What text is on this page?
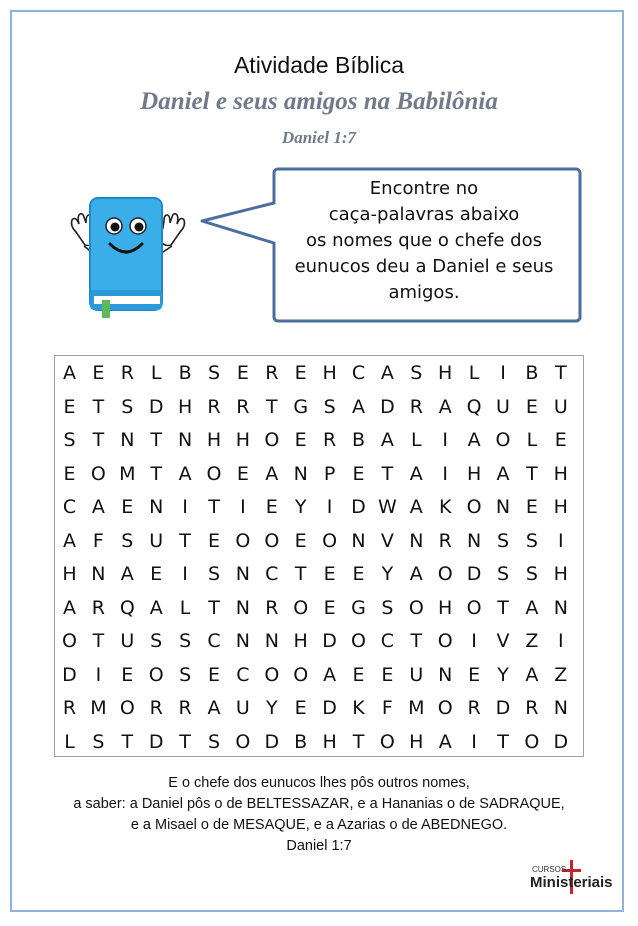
Atividade Bíblica
Daniel e seus amigos na Babilônia
Daniel 1:7
Encontre no
caça-palavras abaixo
os nomes que o chefe dos
eunucos deu a Daniel e seus
amigos.
A E R L B S E R E H C A S H L	I	B T
E T S D H R R T G S A D R A Q U E U
S T N T N H H O E R B A L	I	A O L E
E O M T A O E A N P E T A	I H A T H
C A E N I	T	I	E Y	I D W A K O N E H
A F S U T E O O E O N V N R N S S	I
H N A E	I	S N C T E E Y A O D S S H
A R Q A L T N R O E G S O H O T A N
O T U S S C N N H D O C T O I	V Z	I
D I	E O S E C O O A E E U N E Y A Z
R M O R R A U Y E D K F M O R D R N
L S T D T S O D B H T O H A	I	T O D
E o chefe dos eunucos lhes pôs outros nomes,
a saber: a Daniel pôs o de BELTESSAZAR, e a Hananias o de SADRAQUE,
e a Misael o de MESAQUE, e a Azarias o de ABEDNEGO.
Daniel 1:7
CURSOS
Ministeriais
